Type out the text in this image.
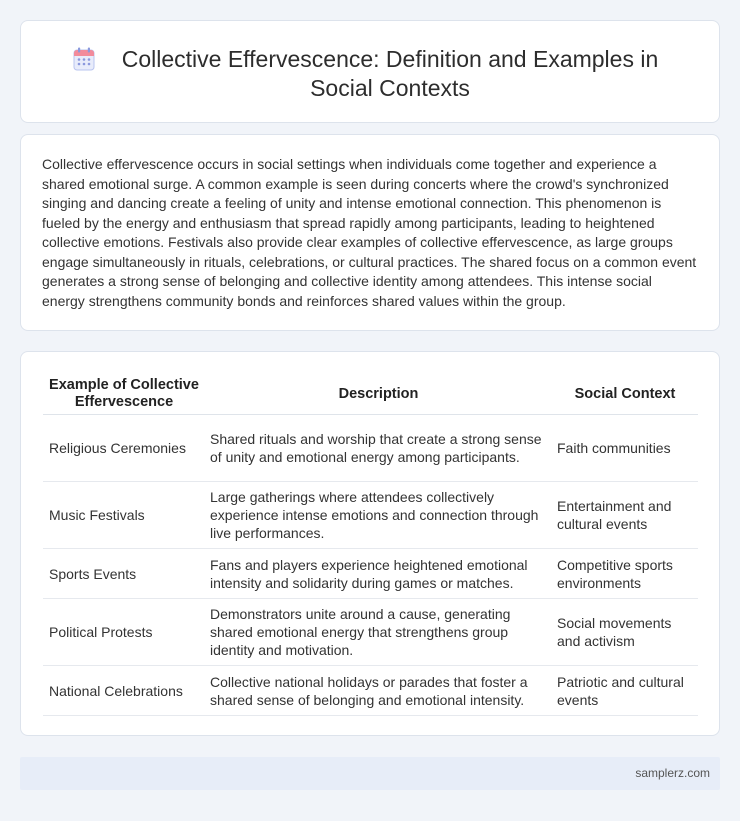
Collective Effervescence: Definition and Examples in Social Contexts

Collective effervescence occurs in social settings when individuals come together and experience a shared emotional surge. A common example is seen during concerts where the crowd's synchronized singing and dancing create a feeling of unity and intense emotional connection. This phenomenon is fueled by the energy and enthusiasm that spread rapidly among participants, leading to heightened collective emotions. Festivals also provide clear examples of collective effervescence, as large groups engage simultaneously in rituals, celebrations, or cultural practices. The shared focus on a common event generates a strong sense of belonging and collective identity among attendees. This intense social energy strengthens community bonds and reinforces shared values within the group.

Example of Collective Effervescence	Description	Social Context
Religious Ceremonies	Shared rituals and worship that create a strong sense of unity and emotional energy among participants.	Faith communities
Music Festivals	Large gatherings where attendees collectively experience intense emotions and connection through live performances.	Entertainment and cultural events
Sports Events	Fans and players experience heightened emotional intensity and solidarity during games or matches.	Competitive sports environments
Political Protests	Demonstrators unite around a cause, generating shared emotional energy that strengthens group identity and motivation.	Social movements and activism
National Celebrations	Collective national holidays or parades that foster a shared sense of belonging and emotional intensity.	Patriotic and cultural events
samplerz.com
